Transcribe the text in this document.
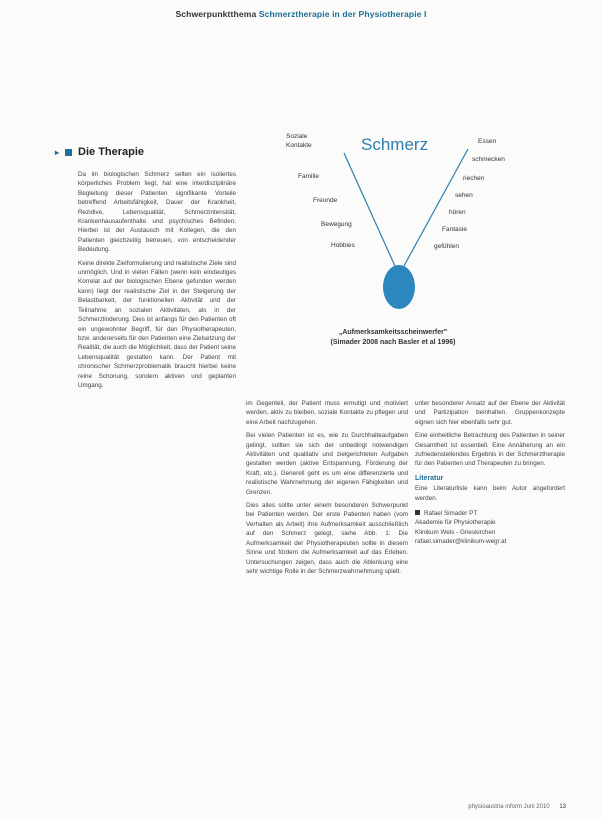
Schwerpunktthema Schmerztherapie in der Physiotherapie I
▸ Die Therapie

Da im biologischen Schmerz selten ein isoliertes körperliches Problem liegt, hat eine interdisziplinäre Begleitung dieser Patienten signifikante Vorteile betreffend Arbeitsfähigkeit, Dauer der Krankheit, Rezidive, Lebensqualität, Schmerzintensität, Krankenhausaufenthalte und psychisches Befinden. Hierbei ist der Austausch mit Kollegen, die den Patienten gleichzeitig betreuen, von entscheidender Bedeutung.

Keine direkte Zielformulierung und realistische Ziele sind unmöglich. Und in vielen Fällen (wenn kein eindeutiges Korrelat auf der biologischen Ebene gefunden werden kann) liegt der realistische Ziel in der Steigerung der Belastbarkeit, der funktionellen Aktivität und der Teilnahme an sozialen Aktivitäten, als in der Schmerzlinderung. Dies ist anfangs für den Patienten oft ein ungewohnter Begriff, für den Physiotherapeuten, bzw. andererseits für den Patienten eine Zielsetzung der Realität, die auch die Möglichkeit, dass der Patient seine Lebensqualität gestalten kann. Der Patient mit chronischer Schmerzproblematik braucht hierbei keine reine Schonung, sondern aktiven und geplanten Umgang.

Schmerz
Soziale
Kontakte
Familie
Freunde
Bewegung
Hobbies
Essen
schmecken
riechen
sehen
hören
Fantasie
gefühlen
„Aufmerksamkeitsscheinwerfer"
(Simader 2008 nach Basler et al 1996)

im Gegenteil, der Patient muss ermutigt und motiviert werden, aktiv zu bleiben, soziale Kontakte zu pflegen und eine Arbeit nachzugehen.

Bei vielen Patienten ist es, wie zu Durchhalteaufgaben gelingt, sollten sie sich der unbedingt notwendigen Aktivitäten und qualitativ und zielgerichteten Aufgaben gestalten werden (aktive Entspannung, Förderung der Kraft, etc.). Generell geht es um eine differenzierte und realistische Wahrnehmung der eigenen Fähigkeiten und Grenzen.

Dies alles sollte unter einem besonderen Schwerpunkt bei Patienten werden. Der erste Patienten haben (vom Verhalten als Arbeit) ihre Aufmerksamkeit ausschließlich auf den Schmerz gelegt, siehe Abb. 1: Die Aufmerksamkeit der Physiotherapeuten sollte in diesem Sinne und fördern die Aufmerksamkeit auf das Erleben. Untersuchungen zeigen, dass auch die Ablenkung eine sehr wichtige Rolle in der Schmerzwahrnehmung spielt.

unter besonderer Ansatz auf der Ebene der Aktivität und Partizipation beinhalten. Gruppenkonzepte eignen sich hier ebenfalls sehr gut.

Eine einheitliche Betrachtung des Patienten in seiner Gesamtheit ist essentiell. Eine Annäherung an ein zufriedenstellendes Ergebnis in der Schmerztherapie für den Patienten und Therapeuten zu bringen.

Literatur

Eine Literaturliste kann beim Autor angefordert werden.

Rafael Simader PT
Akademie für Physiotherapie
Klinikum Wels - Grieskirchen
rafael.simader@klinikum-wegr.at
physioaustria inform Juni 2010 13
